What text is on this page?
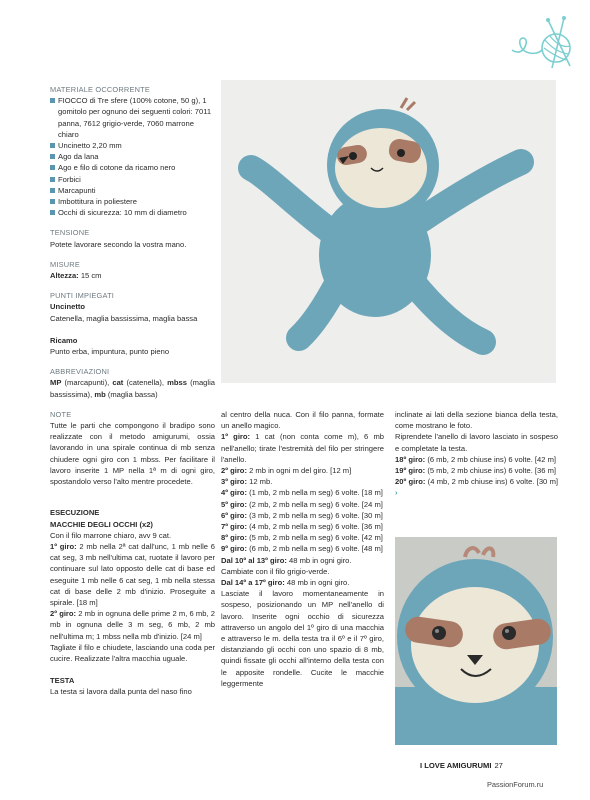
MATERIALE OCCORRENTE
FIOCCO di Tre sfere (100% cotone, 50 g), 1 gomitolo per ognuno dei seguenti colori: 7011 panna, 7612 grigio-verde, 7060 marrone chiaro
Uncinetto 2,20 mm
Ago da lana
Ago e filo di cotone da ricamo nero
Forbici
Marcapunti
Imbottitura in poliestere
Occhi di sicurezza: 10 mm di diametro
TENSIONE

Potete lavorare secondo la vostra mano.

MISURE

Altezza: 15 cm

PUNTI IMPIEGATI

Uncinetto

Catenella, maglia bassissima, maglia bassa

Ricamo

Punto erba, impuntura, punto pieno

ABBREVIAZIONI

MP (marcapunti), cat (catenella), mbss (maglia bassissima), mb (maglia bassa)

NOTE

Tutte le parti che compongono il bradipo sono realizzate con il metodo amigurumi, ossia lavorando in una spirale continua di mb senza chiudere ogni giro con 1 mbss. Per facilitare il lavoro inserite 1 MP nella 1ª m di ogni giro, spostandolo verso l'alto mentre procedete.

ESECUZIONE

MACCHIE DEGLI OCCHI (x2)

Con il filo marrone chiaro, avv 9 cat.

1º giro: 2 mb nella 2ª cat dall'unc, 1 mb nelle 6 cat seg, 3 mb nell'ultima cat, ruotate il lavoro per continuare sul lato opposto delle cat di base ed eseguite 1 mb nelle 6 cat seg, 1 mb nella stessa cat di base delle 2 mb d'inizio. Proseguite a spirale. [18 m]

2º giro: 2 mb in ognuna delle prime 2 m, 6 mb, 2 mb in ognuna delle 3 m seg, 6 mb, 2 mb nell'ultima m; 1 mbss nella mb d'inizio. [24 m]

Tagliate il filo e chiudete, lasciando una coda per cucire. Realizzate l'altra macchia uguale.

TESTA

La testa si lavora dalla punta del naso fino

al centro della nuca. Con il filo panna, formate un anello magico.

1º giro: 1 cat (non conta come m), 6 mb nell'anello; tirate l'estremità del filo per stringere l'anello.

2º giro: 2 mb in ogni m del giro. [12 m]

3º giro: 12 mb.

4º giro: (1 mb, 2 mb nella m seg) 6 volte. [18 m]

5º giro: (2 mb, 2 mb nella m seg) 6 volte. [24 m]

6º giro: (3 mb, 2 mb nella m seg) 6 volte. [30 m]

7º giro: (4 mb, 2 mb nella m seg) 6 volte. [36 m]

8º giro: (5 mb, 2 mb nella m seg) 6 volte. [42 m]

9º giro: (6 mb, 2 mb nella m seg) 6 volte. [48 m]

Dal 10º al 13º giro: 48 mb in ogni giro.

Cambiate con il filo grigio-verde.

Dal 14º a 17º giro: 48 mb in ogni giro.

Lasciate il lavoro momentaneamente in sospeso, posizionando un MP nell'anello di lavoro. Inserite ogni occhio di sicurezza attraverso un angolo del 1º giro di una macchia e attraverso le m. della testa tra il 6º e il 7º giro, distanziando gli occhi con uno spazio di 8 mb, quindi fissate gli occhi all'interno della testa con le apposite rondelle. Cucite le macchie leggermente

inclinate ai lati della sezione bianca della testa, come mostrano le foto.

Riprendete l'anello di lavoro lasciato in sospeso e completate la testa.

18º giro: (6 mb, 2 mb chiuse ins) 6 volte. [42 m]

19º giro: (5 mb, 2 mb chiuse ins) 6 volte. [36 m]

20º giro: (4 mb, 2 mb chiuse ins) 6 volte. [30 m] ›

I LOVE AMIGURUMI 27
PassionForum.ru
